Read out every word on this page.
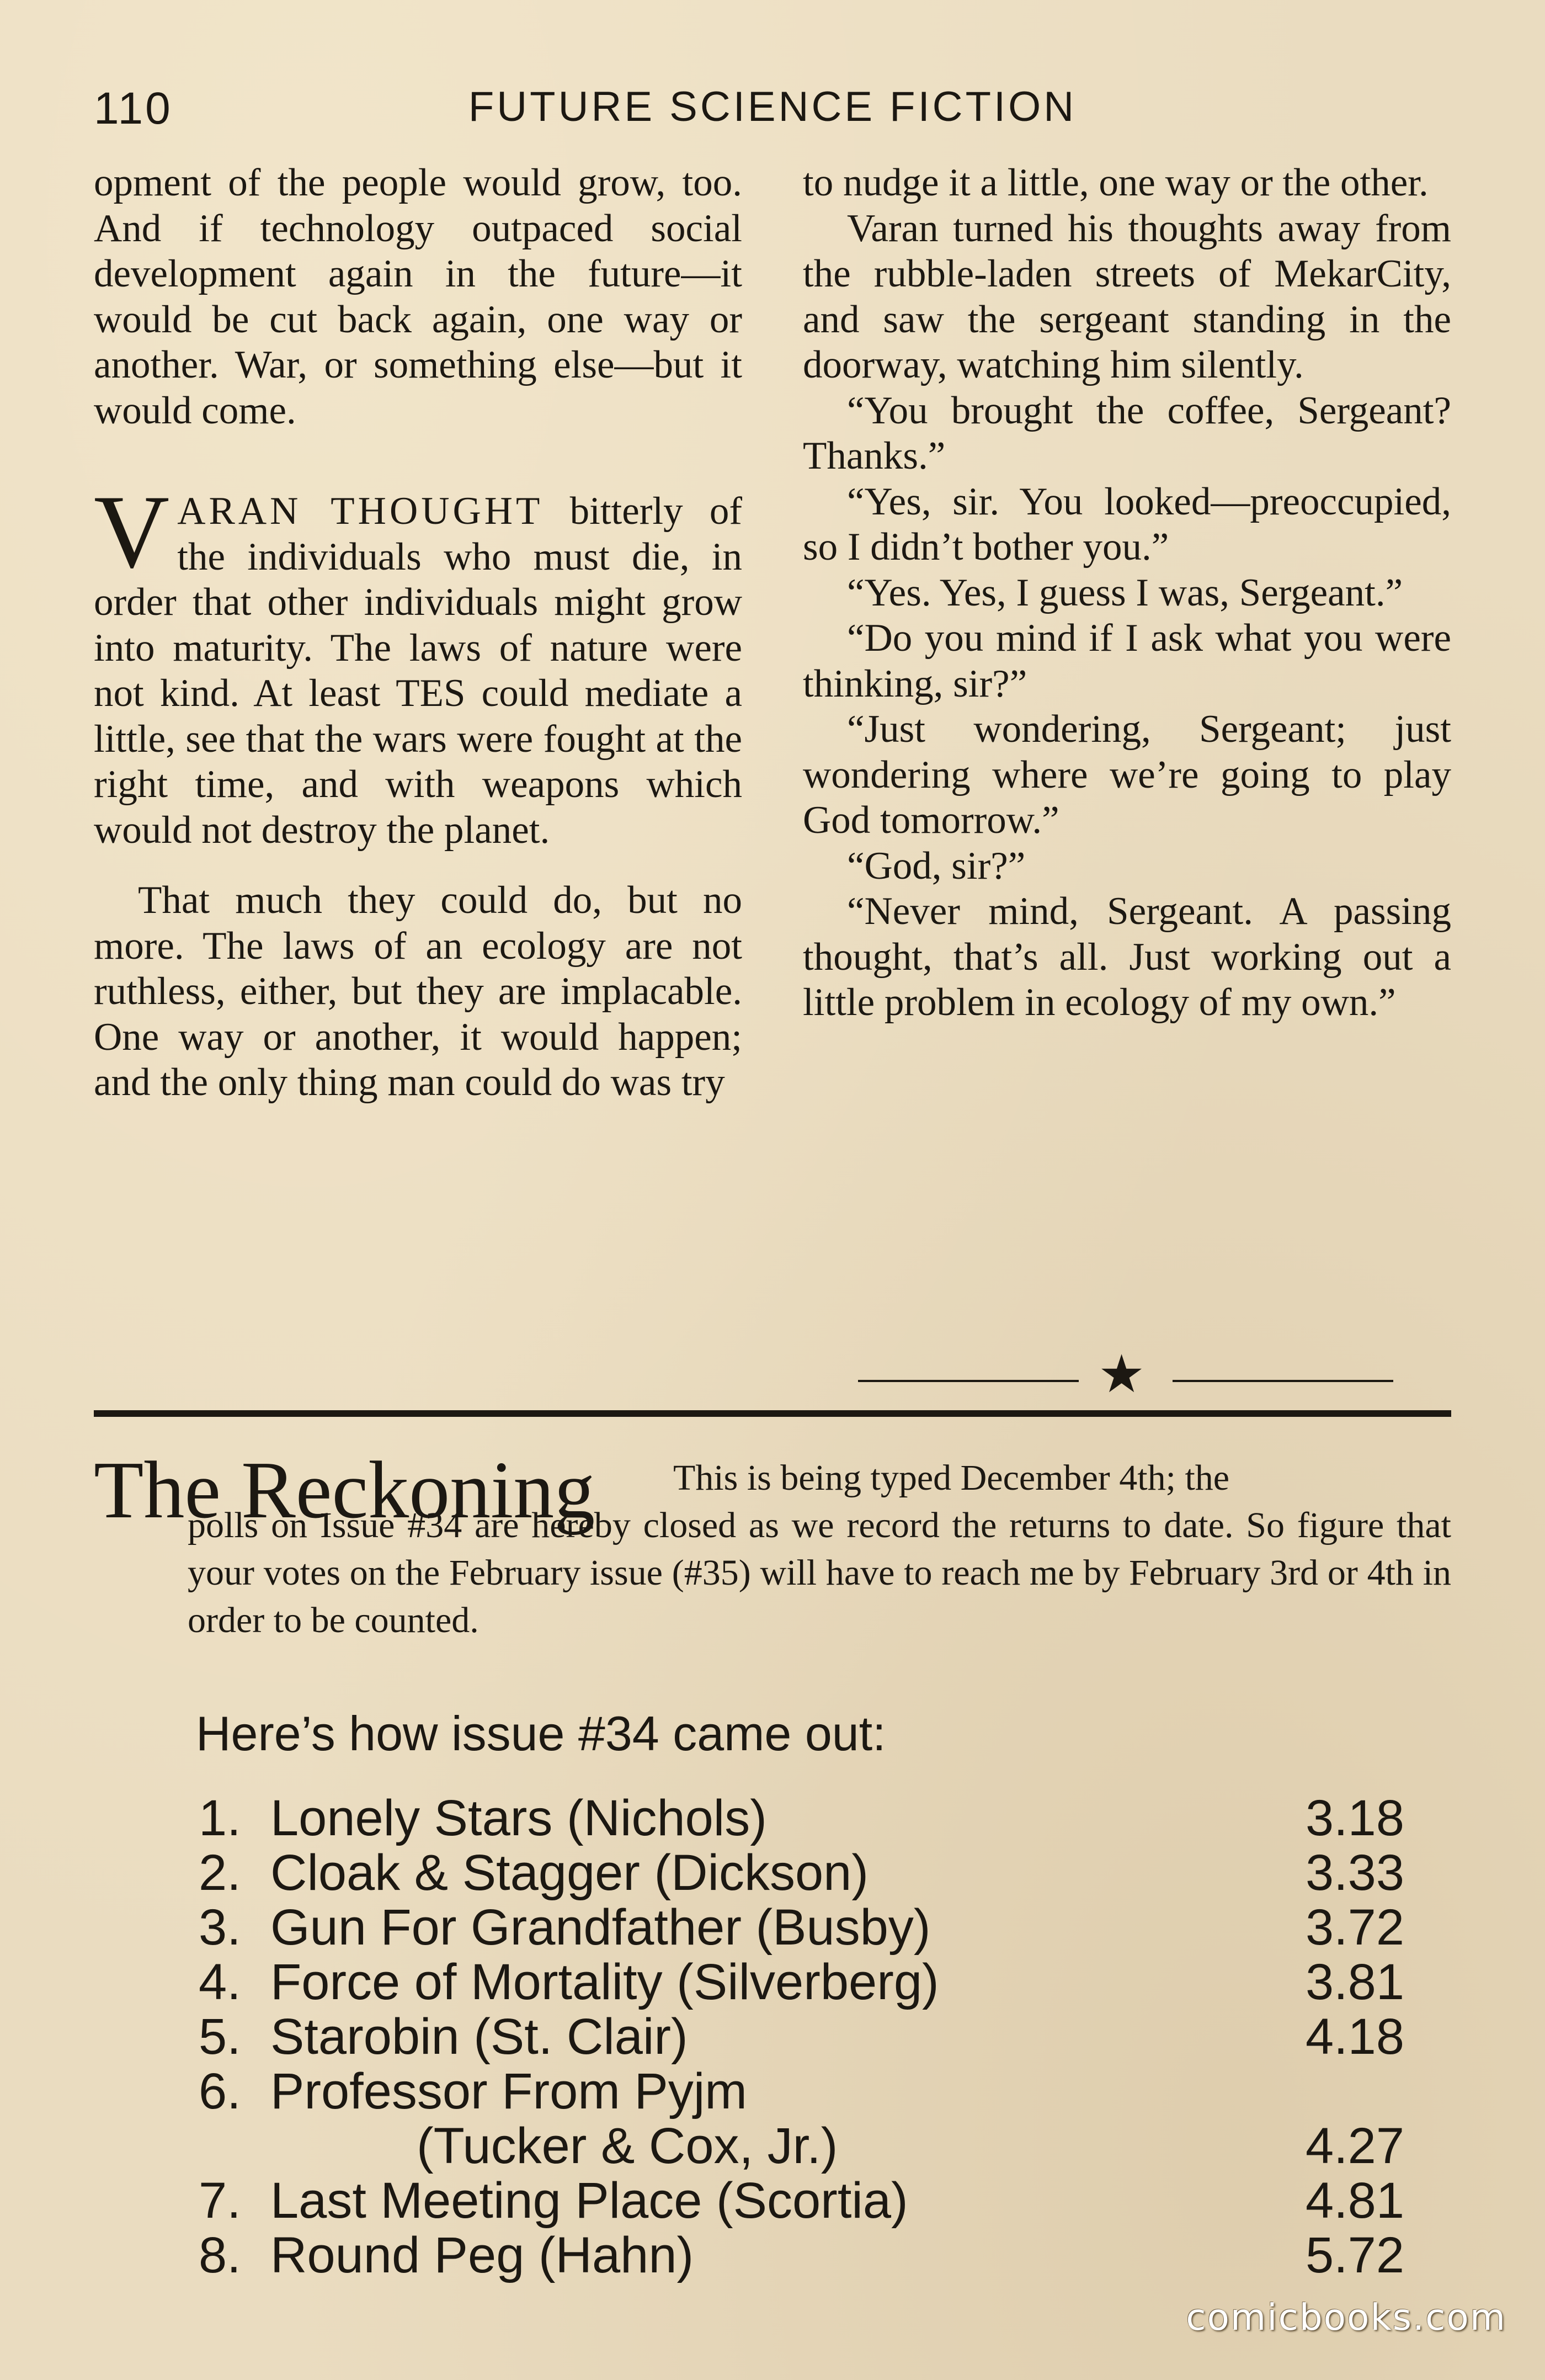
110	FUTURE SCIENCE FICTION

opment of the people would grow, too. And if technology outpaced social development again in the future—it would be cut back again, one way or another. War, or something else—but it would come.

VARAN THOUGHT bitterly of the individuals who must die, in order that other individuals might grow into maturity. The laws of nature were not kind. At least TES could mediate a little, see that the wars were fought at the right time, and with weapons which would not destroy the planet.

That much they could do, but no more. The laws of an ecology are not ruthless, either, but they are implacable. One way or another, it would happen; and the only thing man could do was try

to nudge it a little, one way or the other.

Varan turned his thoughts away from the rubble-laden streets of MekarCity, and saw the sergeant standing in the doorway, watching him silently.

“You brought the coffee, Sergeant? Thanks.”

“Yes, sir. You looked—preoccupied, so I didn’t bother you.”

“Yes. Yes, I guess I was, Sergeant.”

“Do you mind if I ask what you were thinking, sir?”

“Just wondering, Sergeant; just wondering where we’re going to play God tomorrow.”

“God, sir?”

“Never mind, Sergeant. A passing thought, that’s all. Just working out a little problem in ecology of my own.”

★
The Reckoning	This is being typed December 4th; the
polls on Issue #34 are hereby closed as we record the returns to date. So figure that your votes on the February issue (#35) will have to reach me by February 3rd or 4th in order to be counted.

Here’s how issue #34 came out:
1. Lonely Stars (Nichols)	3.18
2. Cloak & Stagger (Dickson)	3.33
3. Gun For Grandfather (Busby)	3.72
4. Force of Mortality (Silverberg)	3.81
5. Starobin (St. Clair)	4.18
6. Professor From Pyjm
(Tucker & Cox, Jr.)	4.27
7. Last Meeting Place (Scortia)	4.81
8. Round Peg (Hahn)	5.72
comicbooks.com
